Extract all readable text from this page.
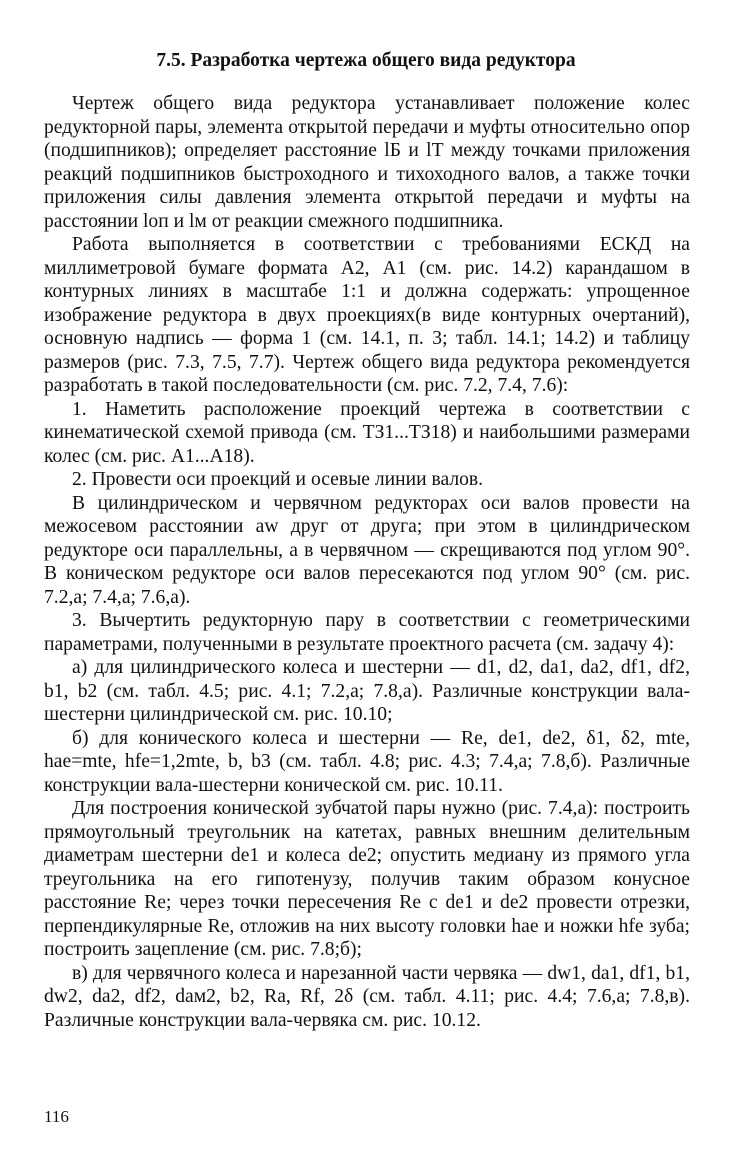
7.5. Разработка чертежа общего вида редуктора

Чертеж общего вида редуктора устанавливает положение колес редукторной пары, элемента открытой передачи и муфты относительно опор (подшипников); определяет расстояние lБ и lТ между точками приложения реакций подшипников быстроходного и тихоходного валов, а также точки приложения силы давления элемента открытой передачи и муфты на расстоянии lоп и lм от реакции смежного подшипника.

Работа выполняется в соответствии с требованиями ЕСКД на миллиметровой бумаге формата А2, А1 (см. рис. 14.2) карандашом в контурных линиях в масштабе 1:1 и должна содержать: упрощенное изображение редуктора в двух проекциях(в виде контурных очертаний), основную надпись — форма 1 (см. 14.1, п. 3; табл. 14.1; 14.2) и таблицу размеров (рис. 7.3, 7.5, 7.7). Чертеж общего вида редуктора рекомендуется разработать в такой последовательности (см. рис. 7.2, 7.4, 7.6):

1. Наметить расположение проекций чертежа в соответствии с кинематической схемой привода (см. ТЗ1...ТЗ18) и наибольшими размерами колес (см. рис. А1...А18).

2. Провести оси проекций и осевые линии валов.

В цилиндрическом и червячном редукторах оси валов провести на межосевом расстоянии aw друг от друга; при этом в цилиндрическом редукторе оси параллельны, а в червячном — скрещиваются под углом 90°. В коническом редукторе оси валов пересекаются под углом 90° (см. рис. 7.2,а; 7.4,а; 7.6,а).

3. Вычертить редукторную пару в соответствии с геометрическими параметрами, полученными в результате проектного расчета (см. задачу 4):

а) для цилиндрического колеса и шестерни — d1, d2, da1, da2, df1, df2, b1, b2 (см. табл. 4.5; рис. 4.1; 7.2,а; 7.8,а). Различные конструкции вала-шестерни цилиндрической см. рис. 10.10;

б) для конического колеса и шестерни — Re, de1, de2, δ1, δ2, mte, hae=mte, hfe=1,2mte, b, b3 (см. табл. 4.8; рис. 4.3; 7.4,а; 7.8,б). Различные конструкции вала-шестерни конической см. рис. 10.11.

Для построения конической зубчатой пары нужно (рис. 7.4,а): построить прямоугольный треугольник на катетах, равных внешним делительным диаметрам шестерни de1 и колеса de2; опустить медиану из прямого угла треугольника на его гипотенузу, получив таким образом конусное расстояние Re; через точки пересечения Re с de1 и de2 провести отрезки, перпендикулярные Re, отложив на них высоту головки hae и ножки hfe зуба; построить зацепление (см. рис. 7.8;б);

в) для червячного колеса и нарезанной части червяка — dw1, da1, df1, b1, dw2, da2, df2, daм2, b2, Ra, Rf, 2δ (см. табл. 4.11; рис. 4.4; 7.6,а; 7.8,в). Различные конструкции вала-червяка см. рис. 10.12.

116
